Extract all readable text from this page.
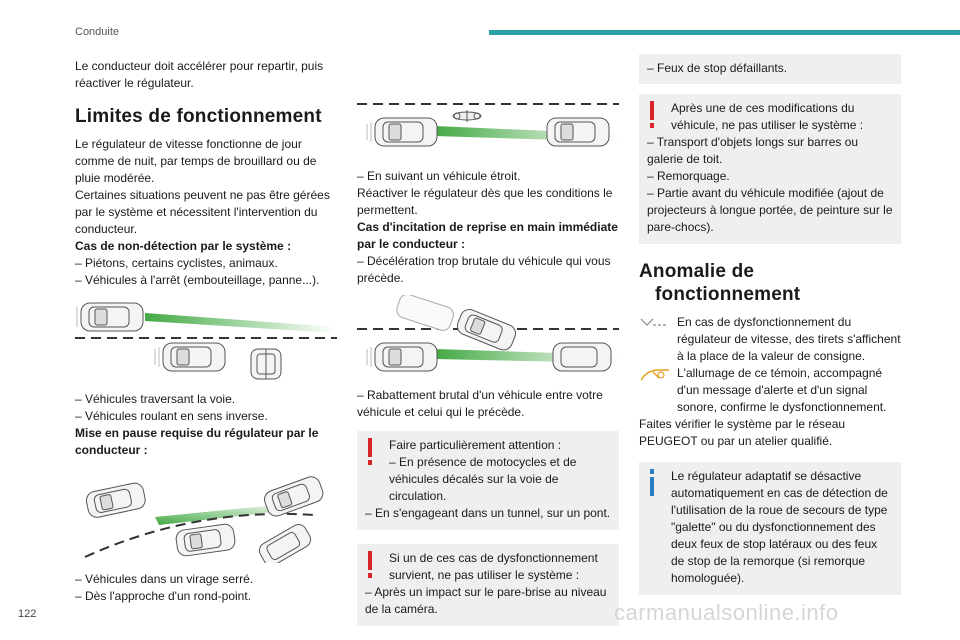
Conduite

Le conducteur doit accélérer pour repartir, puis réactiver le régulateur.

Limites de fonctionnement

Le régulateur de vitesse fonctionne de jour comme de nuit, par temps de brouillard ou de pluie modérée.

Certaines situations peuvent ne pas être gérées par le système et nécessitent l'intervention du conducteur.

Cas de non-détection par le système :

– Piétons, certains cyclistes, animaux.

– Véhicules à l'arrêt (embouteillage, panne...).

– Véhicules traversant la voie.

– Véhicules roulant en sens inverse.

Mise en pause requise du régulateur par le conducteur :

– Véhicules dans un virage serré.

– Dès l'approche d'un rond-point.

– En suivant un véhicule étroit.

Réactiver le régulateur dès que les conditions le permettent.

Cas d'incitation de reprise en main immédiate par le conducteur :

– Décélération trop brutale du véhicule qui vous précède.

– Rabattement brutal d'un véhicule entre votre véhicule et celui qui le précède.

Faire particulièrement attention :

– En présence de motocycles et de véhicules décalés sur la voie de circulation.

– En s'engageant dans un tunnel, sur un pont.

Si un de ces cas de dysfonctionnement survient, ne pas utiliser le système :

– Après un impact sur le pare-brise au niveau de la caméra.

– Feux de stop défaillants.

Après une de ces modifications du véhicule, ne pas utiliser le système :

– Transport d'objets longs sur barres ou galerie de toit.

– Remorquage.

– Partie avant du véhicule modifiée (ajout de projecteurs à longue portée, de peinture sur le pare-chocs).

Anomalie de
fonctionnement

En cas de dysfonctionnement du régulateur de vitesse, des tirets s'affichent à la place de la valeur de consigne.

L'allumage de ce témoin, accompagné d'un message d'alerte et d'un signal sonore, confirme le dysfonctionnement.

Faites vérifier le système par le réseau PEUGEOT ou par un atelier qualifié.

Le régulateur adaptatif se désactive automatiquement en cas de détection de l'utilisation de la roue de secours de type "galette" ou du dysfonctionnement des deux feux de stop latéraux ou des feux de stop de la remorque (si remorque homologuée).

122	carmanualsonline.info
